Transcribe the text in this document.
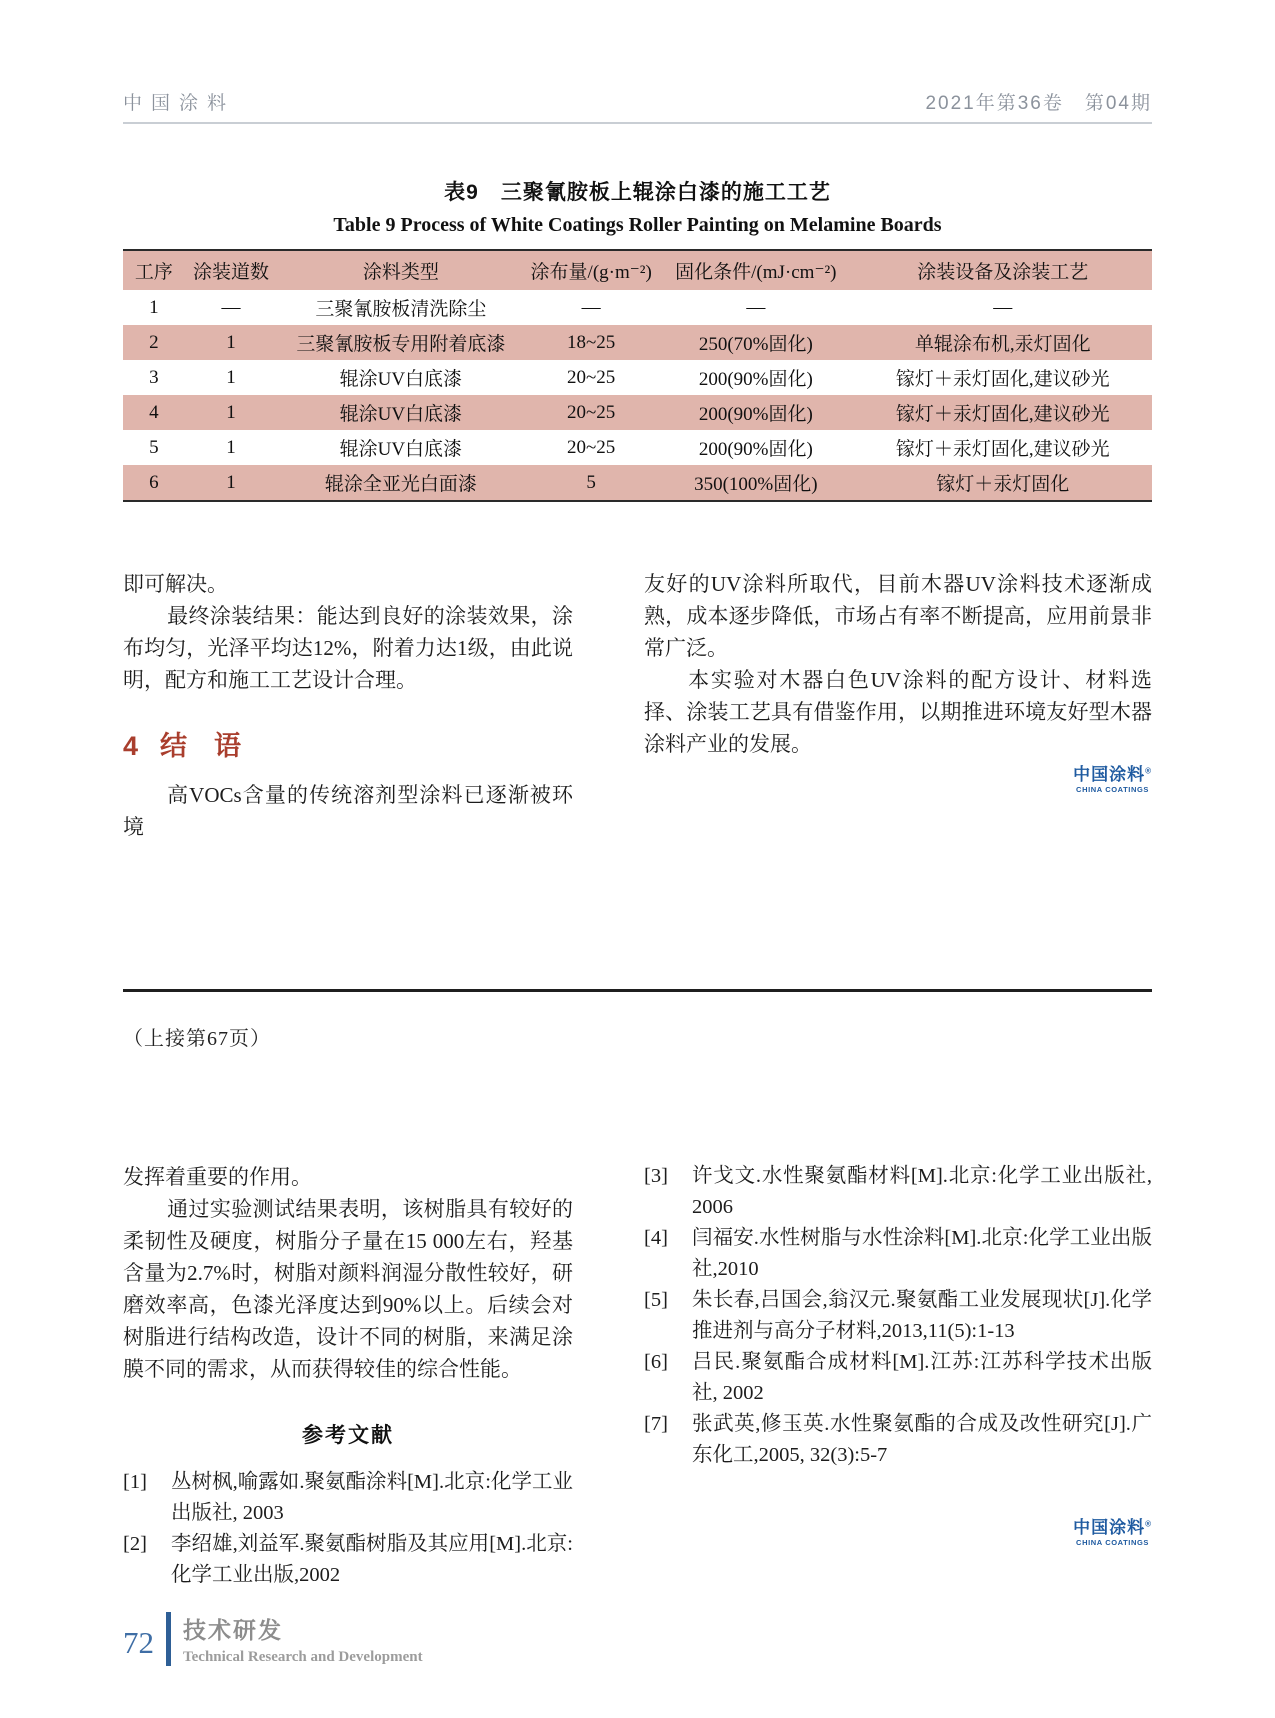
中国涂料	2021年第36卷　第04期
表9　三聚氰胺板上辊涂白漆的施工工艺
Table 9 Process of White Coatings Roller Painting on Melamine Boards
工序	涂装道数	涂料类型	涂布量/(g·m⁻²)	固化条件/(mJ·cm⁻²)	涂装设备及涂装工艺
1	—	三聚氰胺板清洗除尘	—	—	—
2	1	三聚氰胺板专用附着底漆	18~25	250(70%固化)	单辊涂布机,汞灯固化
3	1	辊涂UV白底漆	20~25	200(90%固化)	镓灯＋汞灯固化,建议砂光
4	1	辊涂UV白底漆	20~25	200(90%固化)	镓灯＋汞灯固化,建议砂光
5	1	辊涂UV白底漆	20~25	200(90%固化)	镓灯＋汞灯固化,建议砂光
6	1	辊涂全亚光白面漆	5	350(100%固化)	镓灯＋汞灯固化

即可解决。

最终涂装结果：能达到良好的涂装效果，涂布均匀，光泽平均达12%，附着力达1级，由此说明，配方和施工工艺设计合理。

4 结　语

高VOCs含量的传统溶剂型涂料已逐渐被环境

友好的UV涂料所取代，目前木器UV涂料技术逐渐成熟，成本逐步降低，市场占有率不断提高，应用前景非常广泛。

本实验对木器白色UV涂料的配方设计、材料选择、涂装工艺具有借鉴作用，以期推进环境友好型木器涂料产业的发展。

中国涂料®
CHINA COATINGS
（上接第67页）

发挥着重要的作用。

通过实验测试结果表明，该树脂具有较好的柔韧性及硬度，树脂分子量在15 000左右，羟基含量为2.7%时，树脂对颜料润湿分散性较好，研磨效率高，色漆光泽度达到90%以上。后续会对树脂进行结构改造，设计不同的树脂，来满足涂膜不同的需求，从而获得较佳的综合性能。

参考文献

[1] 丛树枫,喻露如.聚氨酯涂料[M].北京:化学工业出版社, 2003

[2] 李绍雄,刘益军.聚氨酯树脂及其应用[M].北京:化学工业出版,2002

[3] 许戈文.水性聚氨酯材料[M].北京:化学工业出版社, 2006

[4] 闫福安.水性树脂与水性涂料[M].北京:化学工业出版社,2010

[5] 朱长春,吕国会,翁汉元.聚氨酯工业发展现状[J].化学推进剂与高分子材料,2013,11(5):1-13

[6] 吕民.聚氨酯合成材料[M].江苏:江苏科学技术出版社, 2002

[7] 张武英,修玉英.水性聚氨酯的合成及改性研究[J].广东化工,2005, 32(3):5-7

中国涂料®
CHINA COATINGS
72 技术研发
Technical Research and Development
